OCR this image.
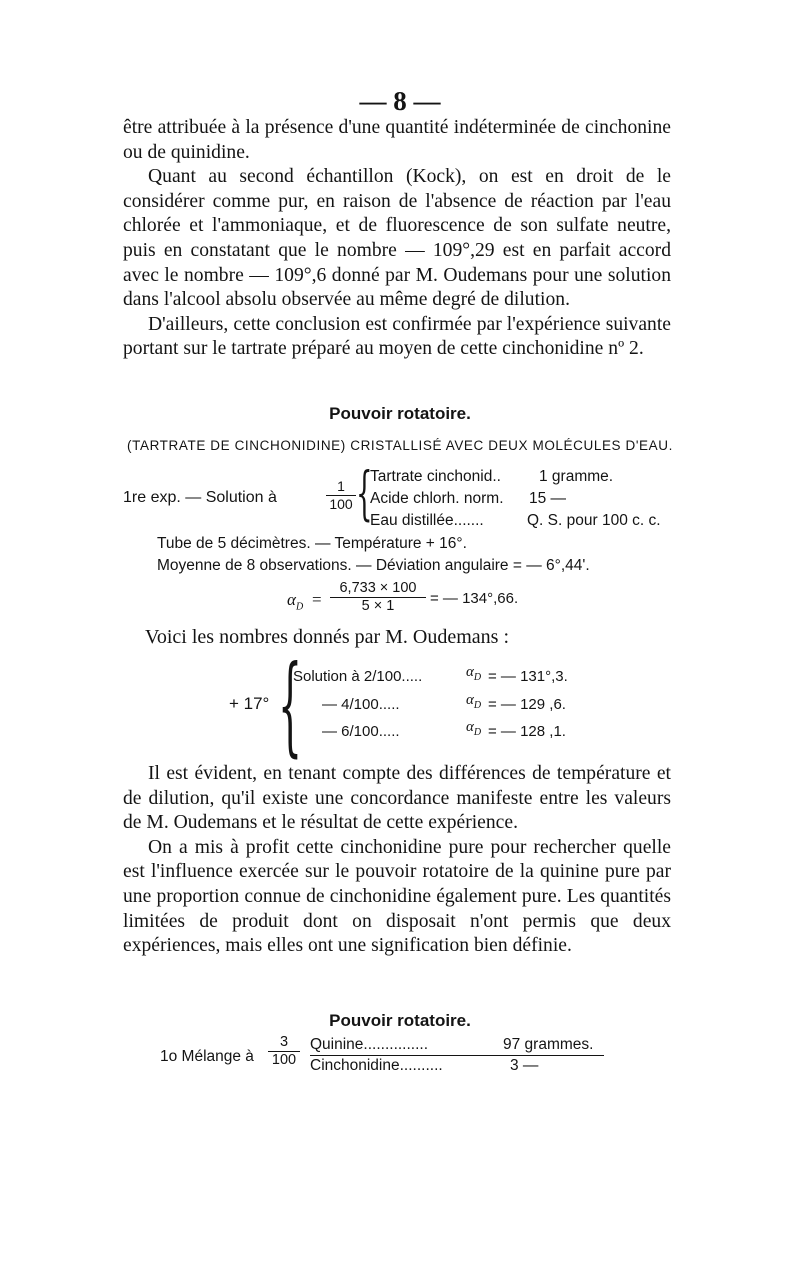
— 8 —

être attribuée à la présence d'une quantité indéterminée de cinchonine ou de quinidine.

Quant au second échantillon (Kock), on est en droit de le considérer comme pur, en raison de l'absence de réaction par l'eau chlorée et l'ammoniaque, et de fluorescence de son sulfate neutre, puis en constatant que le nombre — 109°,29 est en parfait accord avec le nombre — 109°,6 donné par M. Oudemans pour une solution dans l'alcool absolu observée au même degré de dilution.

D'ailleurs, cette conclusion est confirmée par l'expérience suivante portant sur le tartrate préparé au moyen de cette cinchonidine nº 2.

Pouvoir rotatoire.
(TARTRATE DE CINCHONIDINE) CRISTALLISÉ AVEC DEUX MOLÉCULES D'EAU.
1re exp. — Solution à	$\frac{1}{100}$ {
Tartrate cinchonid.. 1 gramme.
Acide chlorh. norm. 15 —
Eau distillée.......	Q. S. pour 100 c. c.
Tube de 5 décimètres. — Température + 16°.
Moyenne de 8 observations. — Déviation angulaire = — 6°,44'.
$\alpha_D = \frac{6,733 \times 100}{5 \times 1}$ = — 134°,66.
Voici les nombres donnés par M. Oudemans :
+ 17° {
Solution à 2/100.....	$\alpha_D$ = — 131°,3.
— 4/100.....	$\alpha_D$ = — 129 ,6.
— 6/100.....	$\alpha_D$ = — 128 ,1.

Il est évident, en tenant compte des différences de température et de dilution, qu'il existe une concordance manifeste entre les valeurs de M. Oudemans et le résultat de cette expérience.

On a mis à profit cette cinchonidine pure pour rechercher quelle est l'influence exercée sur le pouvoir rotatoire de la quinine pure par une proportion connue de cinchonidine également pure. Les quantités limitées de produit dont on disposait n'ont permis que deux expériences, mais elles ont une signification bien définie.

Pouvoir rotatoire.
1o Mélange à $\frac{3}{100}$ Quinine...............	97 grammes.
Cinchonidine..........	3 —
